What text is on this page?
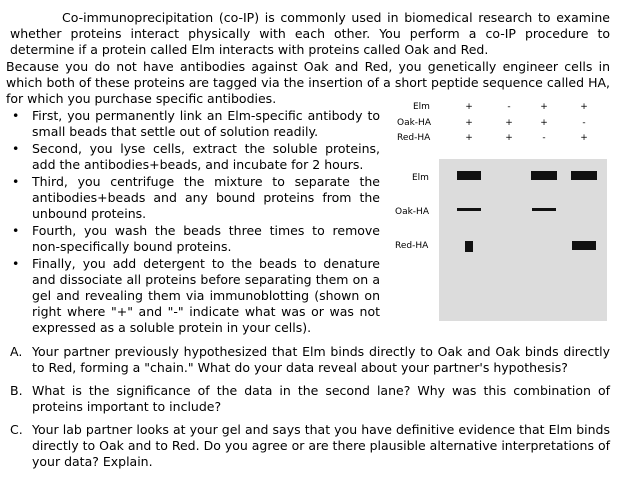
Co-immunoprecipitation (co-IP) is commonly used in biomedical research to examine whether proteins interact physically with each other. You perform a co-IP procedure to determine if a protein called Elm interacts with proteins called Oak and Red.
Because you do not have antibodies against Oak and Red, you genetically engineer cells in which both of these proteins are tagged via the insertion of a short peptide sequence called HA, for which you purchase specific antibodies.
• First, you permanently link an Elm-specific antibody to small beads that settle out of solution readily.
• Second, you lyse cells, extract the soluble proteins, add the antibodies+beads, and incubate for 2 hours.
• Third, you centrifuge the mixture to separate the antibodies+beads and any bound proteins from the unbound proteins.
• Fourth, you wash the beads three times to remove non-specifically bound proteins.
• Finally, you add detergent to the beads to denature and dissociate all proteins before separating them on a gel and revealing them via immunoblotting (shown on right where "+" and "-" indicate what was or was not expressed as a soluble protein in your cells).
Elm
Oak-HA
Red-HA
+
+
+
-
+
+
+
+
-
+
-
+
Elm
Oak-HA
Red-HA
A. Your partner previously hypothesized that Elm binds directly to Oak and Oak binds directly to Red, forming a "chain." What do your data reveal about your partner's hypothesis?
B. What is the significance of the data in the second lane? Why was this combination of proteins important to include?
C. Your lab partner looks at your gel and says that you have definitive evidence that Elm binds directly to Oak and to Red. Do you agree or are there plausible alternative interpretations of your data? Explain.
